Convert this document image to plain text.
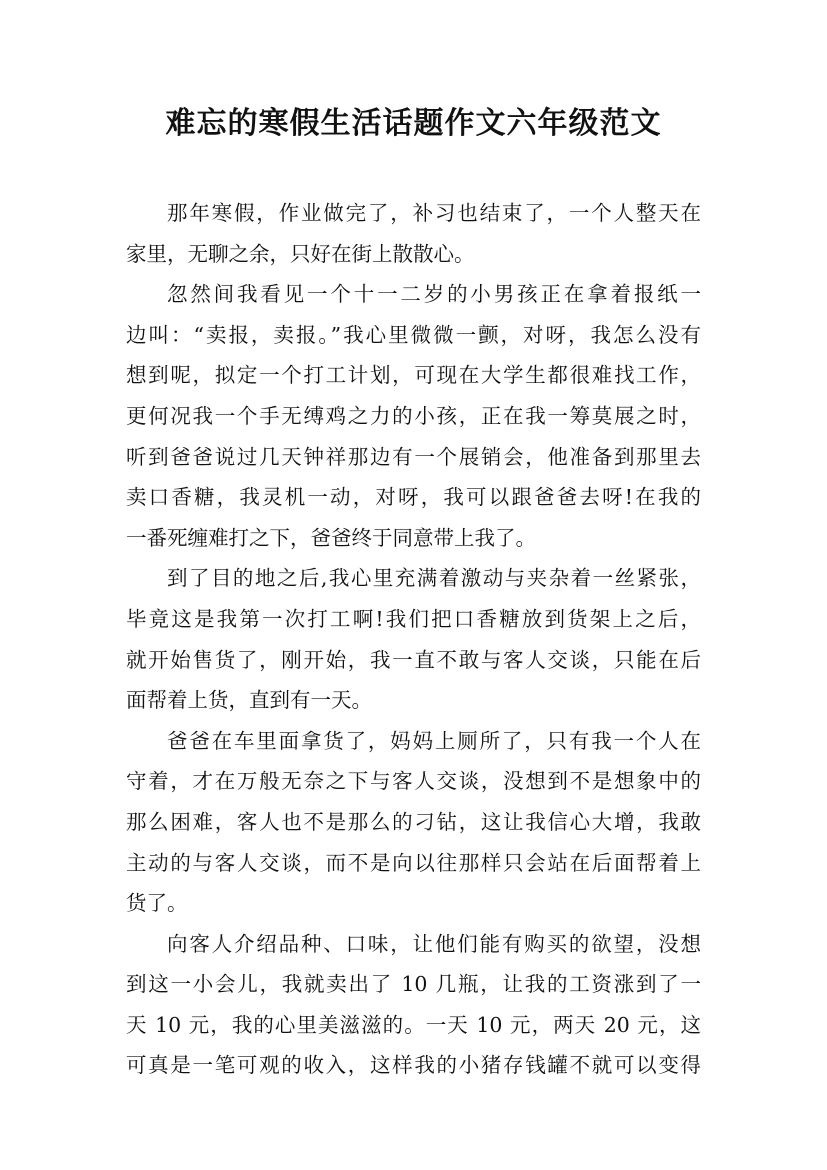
难忘的寒假生活话题作文六年级范文
那年寒假，作业做完了，补习也结束了，一个人整天在
家里，无聊之余，只好在街上散散心。
忽然间我看见一个十一二岁的小男孩正在拿着报纸一
边叫：“卖报，卖报。”我心里微微一颤，对呀，我怎么没有
想到呢，拟定一个打工计划，可现在大学生都很难找工作，
更何况我一个手无缚鸡之力的小孩，正在我一筹莫展之时，
听到爸爸说过几天钟祥那边有一个展销会，他准备到那里去
卖口香糖，我灵机一动，对呀，我可以跟爸爸去呀!在我的
一番死缠难打之下，爸爸终于同意带上我了。
到了目的地之后,我心里充满着激动与夹杂着一丝紧张，
毕竟这是我第一次打工啊!我们把口香糖放到货架上之后，
就开始售货了，刚开始，我一直不敢与客人交谈，只能在后
面帮着上货，直到有一天。
爸爸在车里面拿货了，妈妈上厕所了，只有我一个人在
守着，才在万般无奈之下与客人交谈，没想到不是想象中的
那么困难，客人也不是那么的刁钻，这让我信心大增，我敢
主动的与客人交谈，而不是向以往那样只会站在后面帮着上
货了。
向客人介绍品种、口味，让他们能有购买的欲望，没想
到这一小会儿，我就卖出了 10 几瓶，让我的工资涨到了一
天 10 元，我的心里美滋滋的。一天 10 元，两天 20 元，这
可真是一笔可观的收入，这样我的小猪存钱罐不就可以变得
